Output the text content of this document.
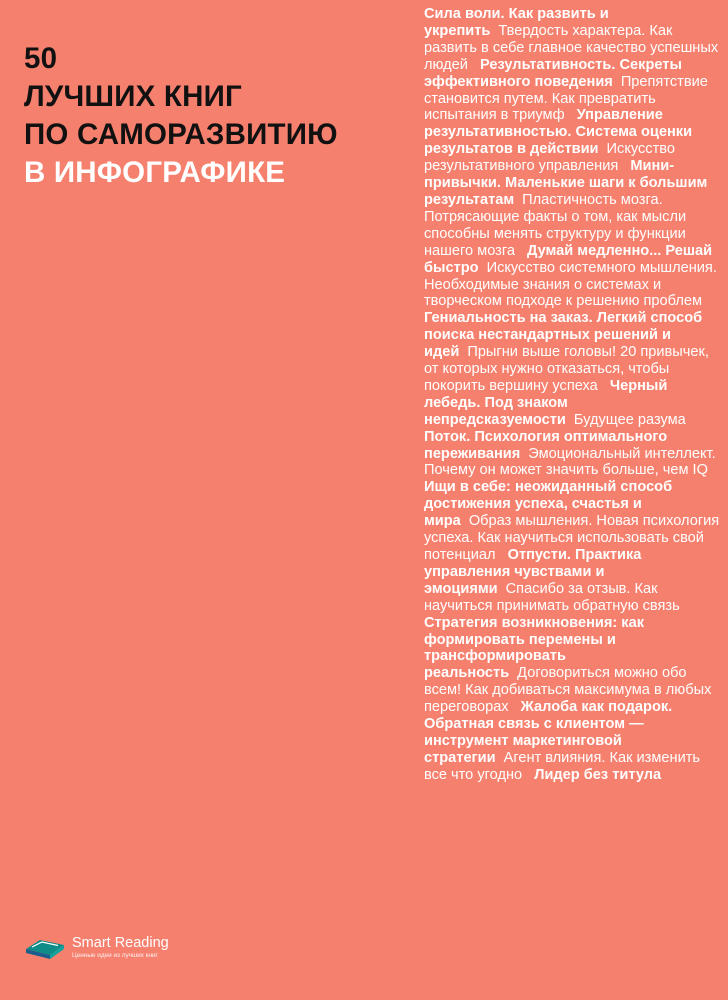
50
ЛУЧШИХ КНИГ
ПО САМОРАЗВИТИЮ
В ИНФОГРАФИКЕ
Сила воли. Как развить и укрепить Твердость характера. Как развить в себе главное качество успешных людей Результативность. Секреты эффективного поведения Препятствие становится путем. Как превратить испытания в триумф Управление результативностью. Система оценки результатов в действии Искусство результативного управления Мини-привычки. Маленькие шаги к большим результатам Пластичность мозга. Потрясающие факты о том, как мысли способны менять структуру и функции нашего мозга Думай медленно... Решай быстро Искусство системного мышления. Необходимые знания о системах и творческом подходе к решению проблем Гениальность на заказ. Легкий способ поиска нестандартных решений и идей Прыгни выше головы! 20 привычек, от которых нужно отказаться, чтобы покорить вершину успеха Черный лебедь. Под знаком непредсказуемости Будущее разума Поток. Психология оптимального переживания Эмоциональный интеллект. Почему он может значить больше, чем IQ Ищи в себе: неожиданный способ достижения успеха, счастья и мира Образ мышления. Новая психология успеха. Как научиться использовать свой потенциал Отпусти. Практика управления чувствами и эмоциями Спасибо за отзыв. Как научиться принимать обратную связь Стратегия возникновения: как формировать перемены и трансформировать реальность Договориться можно обо всем! Как добиваться максимума в любых переговорах Жалоба как подарок. Обратная связь с клиентом — инструмент маркетинговой стратегии Агент влияния. Как изменить все что угодно Лидер без титула
Smart Reading
Ценные идеи из лучших книг
